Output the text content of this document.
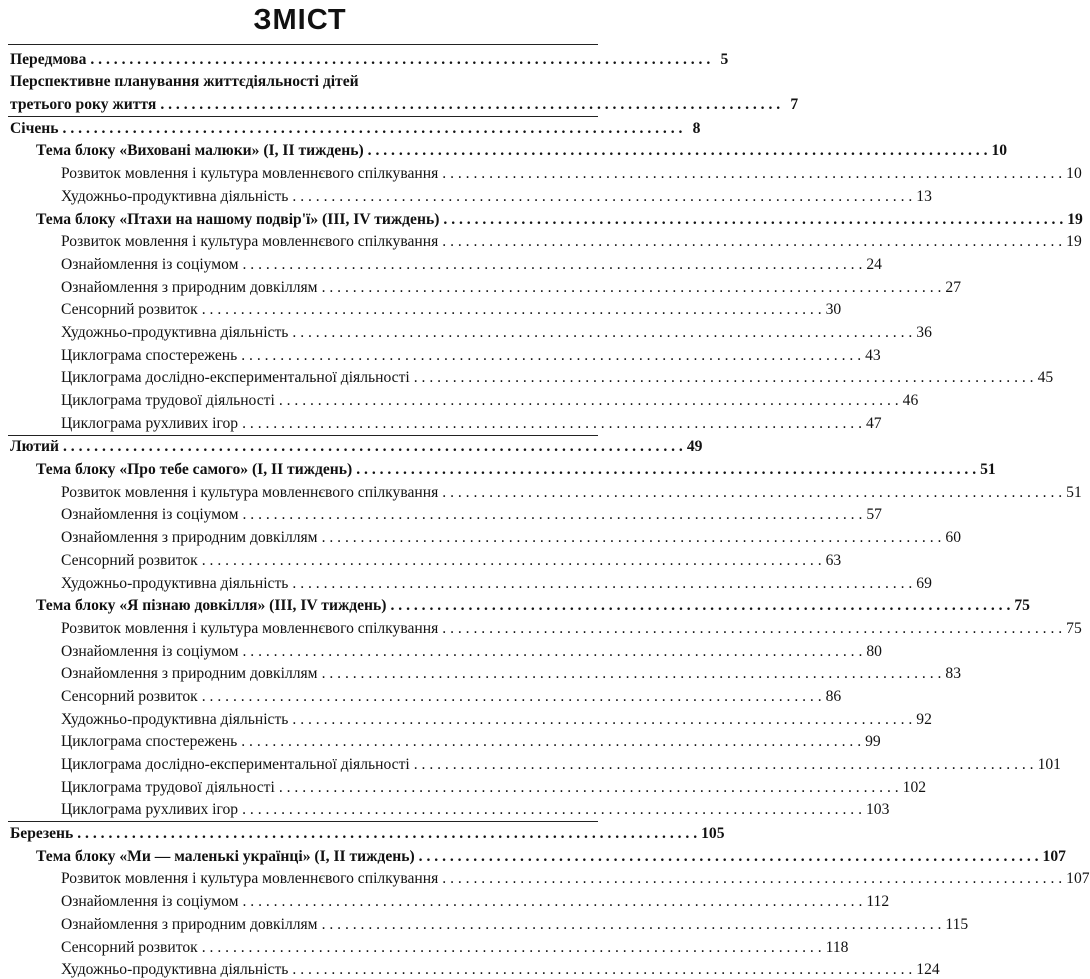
ЗМІСТ
Передмова . . .	5
Перспективне планування життєдіяльності дітей
третього року життя . . .	7
Січень . . .	8
Тема блоку «Виховані малюки» (І, ІІ тиждень) . . .	10
Розвиток мовлення і культура мовленнєвого спілкування . . .	10
Художньо-продуктивна діяльність . . .	13
Тема блоку «Птахи на нашому подвір'ї» (ІІІ, IV тиждень) . . .	19
Розвиток мовлення і культура мовленнєвого спілкування . . .	19
Ознайомлення із соціумом . . .	24
Ознайомлення з природним довкіллям . . .	27
Сенсорний розвиток . . .	30
Художньо-продуктивна діяльність . . .	36
Циклограма спостережень . . .	43
Циклограма дослідно-експериментальної діяльності . . .	45
Циклограма трудової діяльності . . .	46
Циклограма рухливих ігор . . .	47
Лютий . . .	49
Тема блоку «Про тебе самого» (І, ІІ тиждень) . . .	51
Розвиток мовлення і культура мовленнєвого спілкування . . .	51
Ознайомлення із соціумом . . .	57
Ознайомлення з природним довкіллям . . .	60
Сенсорний розвиток . . .	63
Художньо-продуктивна діяльність . . .	69
Тема блоку «Я пізнаю довкілля» (ІІІ, IV тиждень) . . .	75
Розвиток мовлення і культура мовленнєвого спілкування . . .	75
Ознайомлення із соціумом . . .	80
Ознайомлення з природним довкіллям . . .	83
Сенсорний розвиток . . .	86
Художньо-продуктивна діяльність . . .	92
Циклограма спостережень . . .	99
Циклограма дослідно-експериментальної діяльності . . .	101
Циклограма трудової діяльності . . .	102
Циклограма рухливих ігор . . .	103
Березень . . .	105
Тема блоку «Ми — маленькі українці» (І, ІІ тиждень) . . .	107
Розвиток мовлення і культура мовленнєвого спілкування . . .	107
Ознайомлення із соціумом . . .	112
Ознайомлення з природним довкіллям . . .	115
Сенсорний розвиток . . .	118
Художньо-продуктивна діяльність . . .	124
